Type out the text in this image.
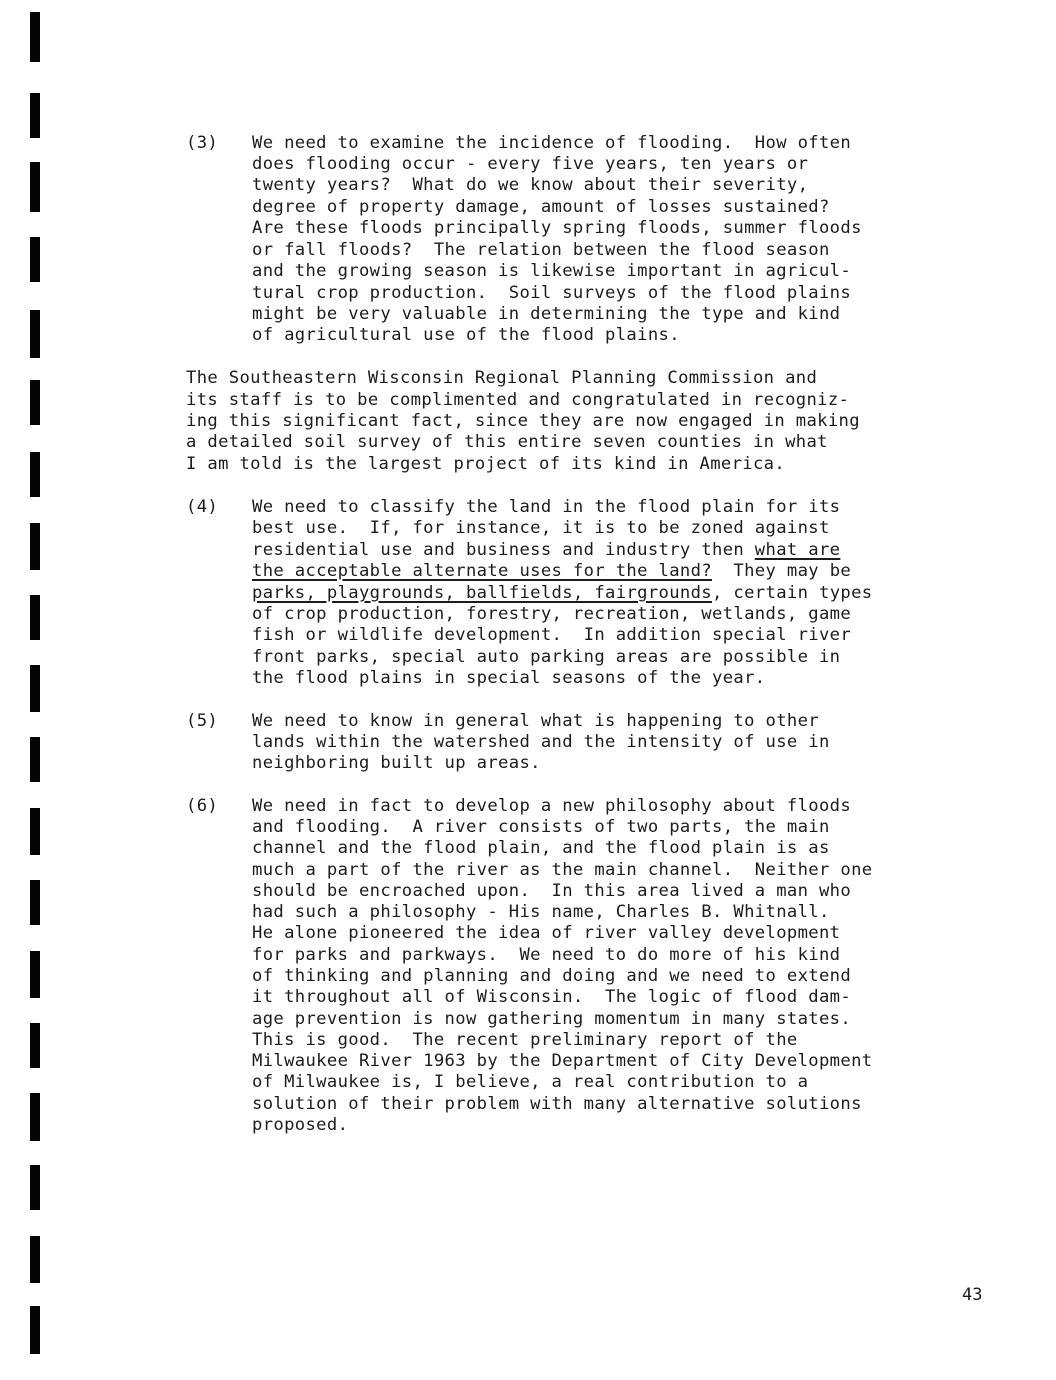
(3) We need to examine the incidence of flooding.  How often
does flooding occur - every five years, ten years or
twenty years?  What do we know about their severity,
degree of property damage, amount of losses sustained?
Are these floods principally spring floods, summer floods
or fall floods?  The relation between the flood season
and the growing season is likewise important in agricul-
tural crop production.  Soil surveys of the flood plains
might be very valuable in determining the type and kind
of agricultural use of the flood plains.
The Southeastern Wisconsin Regional Planning Commission and
its staff is to be complimented and congratulated in recogniz-
ing this significant fact, since they are now engaged in making
a detailed soil survey of this entire seven counties in what
I am told is the largest project of its kind in America.
(4) We need to classify the land in the flood plain for its
best use.  If, for instance, it is to be zoned against
residential use and business and industry then what are
the acceptable alternate uses for the land?  They may be
parks, playgrounds, ballfields, fairgrounds, certain types
of crop production, forestry, recreation, wetlands, game
fish or wildlife development.  In addition special river
front parks, special auto parking areas are possible in
the flood plains in special seasons of the year.
(5) We need to know in general what is happening to other
lands within the watershed and the intensity of use in
neighboring built up areas.
(6) We need in fact to develop a new philosophy about floods
and flooding.  A river consists of two parts, the main
channel and the flood plain, and the flood plain is as
much a part of the river as the main channel.  Neither one
should be encroached upon.  In this area lived a man who
had such a philosophy - His name, Charles B. Whitnall.
He alone pioneered the idea of river valley development
for parks and parkways.  We need to do more of his kind
of thinking and planning and doing and we need to extend
it throughout all of Wisconsin.  The logic of flood dam-
age prevention is now gathering momentum in many states.
This is good.  The recent preliminary report of the
Milwaukee River 1963 by the Department of City Development
of Milwaukee is, I believe, a real contribution to a
solution of their problem with many alternative solutions
proposed.
43
